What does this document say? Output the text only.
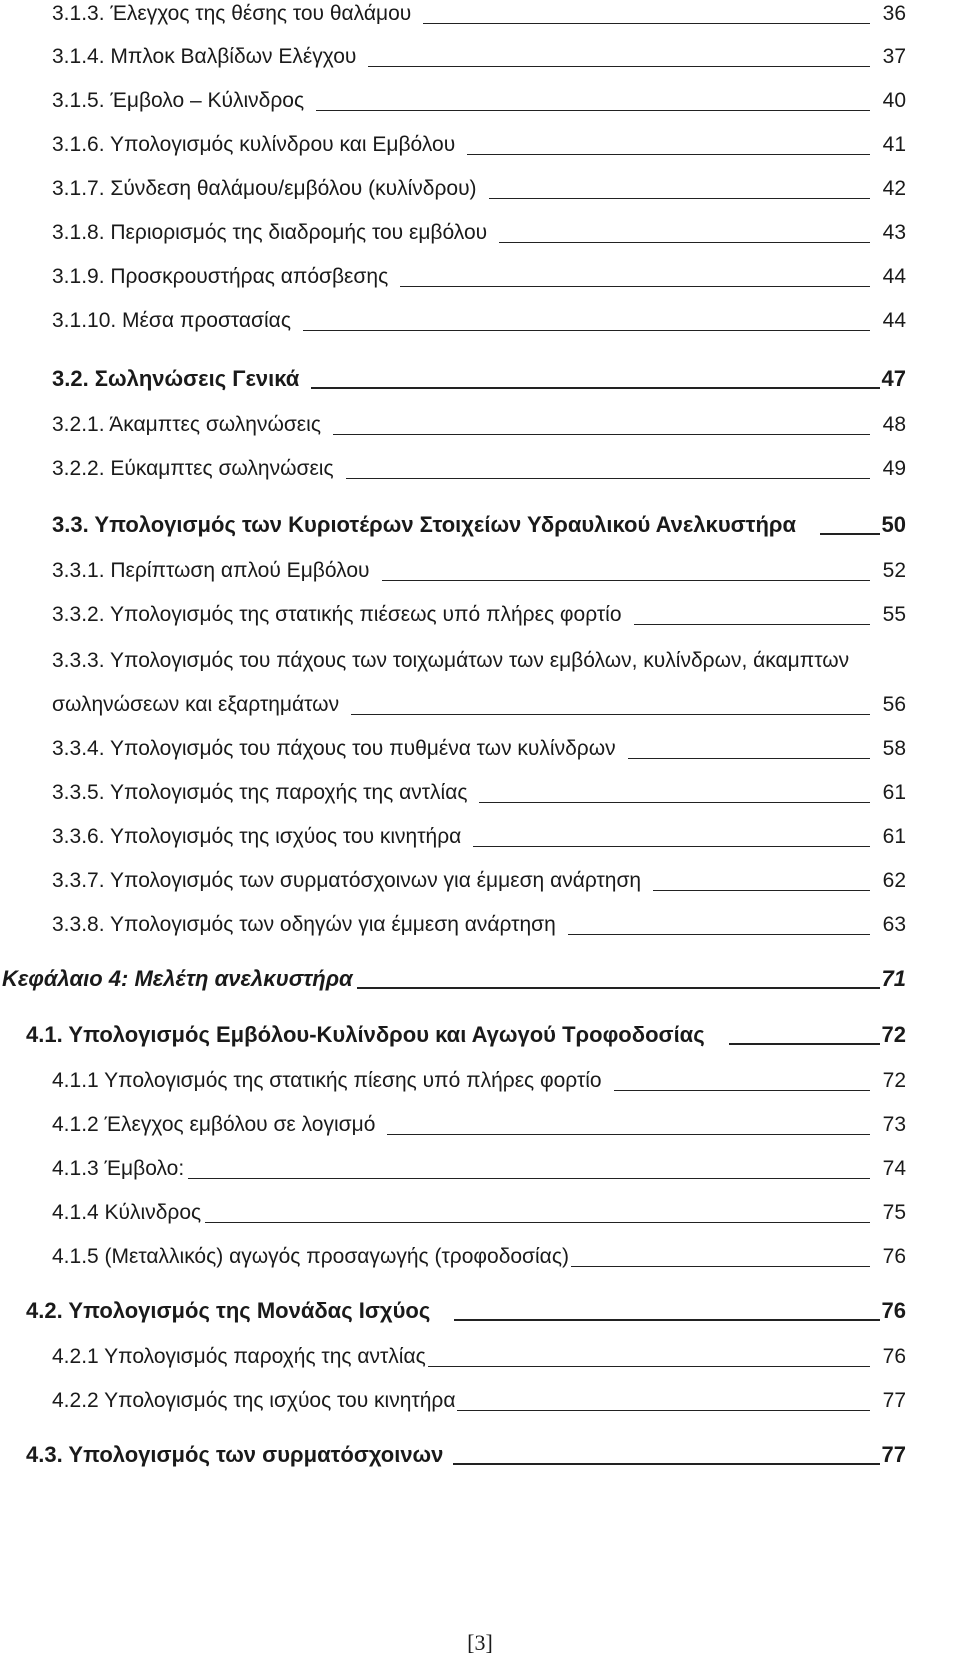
3.1.3. Έλεγχος της θέσης του θαλάμου	36
3.1.4. Μπλοκ Βαλβίδων Ελέγχου	37
3.1.5. Έμβολο – Κύλινδρος	40
3.1.6. Υπολογισμός κυλίνδρου και Εμβόλου	41
3.1.7. Σύνδεση θαλάμου/εμβόλου (κυλίνδρου)	42
3.1.8. Περιορισμός της διαδρομής του εμβόλου	43
3.1.9. Προσκρουστήρας απόσβεσης	44
3.1.10. Μέσα προστασίας	44
3.2. Σωληνώσεις Γενικά	47
3.2.1. Άκαμπτες σωληνώσεις	48
3.2.2. Εύκαμπτες σωληνώσεις	49
3.3. Υπολογισμός των Κυριοτέρων Στοιχείων Υδραυλικού Ανελκυστήρα	50
3.3.1. Περίπτωση απλού Εμβόλου	52
3.3.2. Υπολογισμός της στατικής πιέσεως υπό πλήρες φορτίο	55
3.3.3. Υπολογισμός του πάχους των τοιχωμάτων των εμβόλων, κυλίνδρων, άκαμπτων
σωληνώσεων και εξαρτημάτων	56
3.3.4. Υπολογισμός του πάχους του πυθμένα των κυλίνδρων	58
3.3.5. Υπολογισμός της παροχής της αντλίας	61
3.3.6. Υπολογισμός της ισχύος του κινητήρα	61
3.3.7. Υπολογισμός των συρματόσχοινων για έμμεση ανάρτηση	62
3.3.8. Υπολογισμός των οδηγών για έμμεση ανάρτηση	63
Κεφάλαιο 4: Μελέτη ανελκυστήρα	71
4.1. Υπολογισμός Εμβόλου-Κυλίνδρου και Αγωγού Τροφοδοσίας	72
4.1.1 Υπολογισμός της στατικής πίεσης υπό πλήρες φορτίο	72
4.1.2 Έλεγχος εμβόλου σε λογισμό	73
4.1.3 Έμβολο:	74
4.1.4 Κύλινδρος	75
4.1.5 (Μεταλλικός) αγωγός προσαγωγής (τροφοδοσίας)	76
4.2. Υπολογισμός της Μονάδας Ισχύος	76
4.2.1 Υπολογισμός παροχής της αντλίας	76
4.2.2 Υπολογισμός της ισχύος του κινητήρα	77
4.3. Υπολογισμός των συρματόσχοινων	77
[3]
